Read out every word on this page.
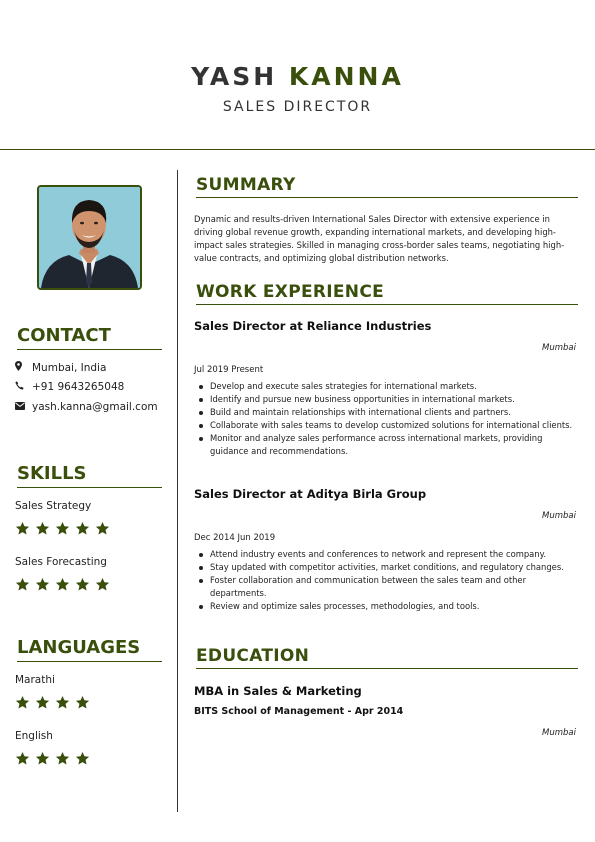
YASH KANNA
SALES DIRECTOR
CONTACT
Mumbai, India
+91 9643265048
yash.kanna@gmail.com
SKILLS
Sales Strategy
Sales Forecasting
LANGUAGES
Marathi
English
SUMMARY
Dynamic and results-driven International Sales Director with extensive experience in driving global revenue growth, expanding international markets, and developing high-impact sales strategies. Skilled in managing cross-border sales teams, negotiating high-value contracts, and optimizing global distribution networks.
WORK EXPERIENCE
Sales Director at Reliance Industries
Mumbai
Jul 2019 Present
Develop and execute sales strategies for international markets.
Identify and pursue new business opportunities in international markets.
Build and maintain relationships with international clients and partners.
Collaborate with sales teams to develop customized solutions for international clients.
Monitor and analyze sales performance across international markets, providing guidance and recommendations.
Sales Director at Aditya Birla Group
Mumbai
Dec 2014 Jun 2019
Attend industry events and conferences to network and represent the company.
Stay updated with competitor activities, market conditions, and regulatory changes.
Foster collaboration and communication between the sales team and other departments.
Review and optimize sales processes, methodologies, and tools.
EDUCATION
MBA in Sales & Marketing
BITS School of Management - Apr 2014
Mumbai
